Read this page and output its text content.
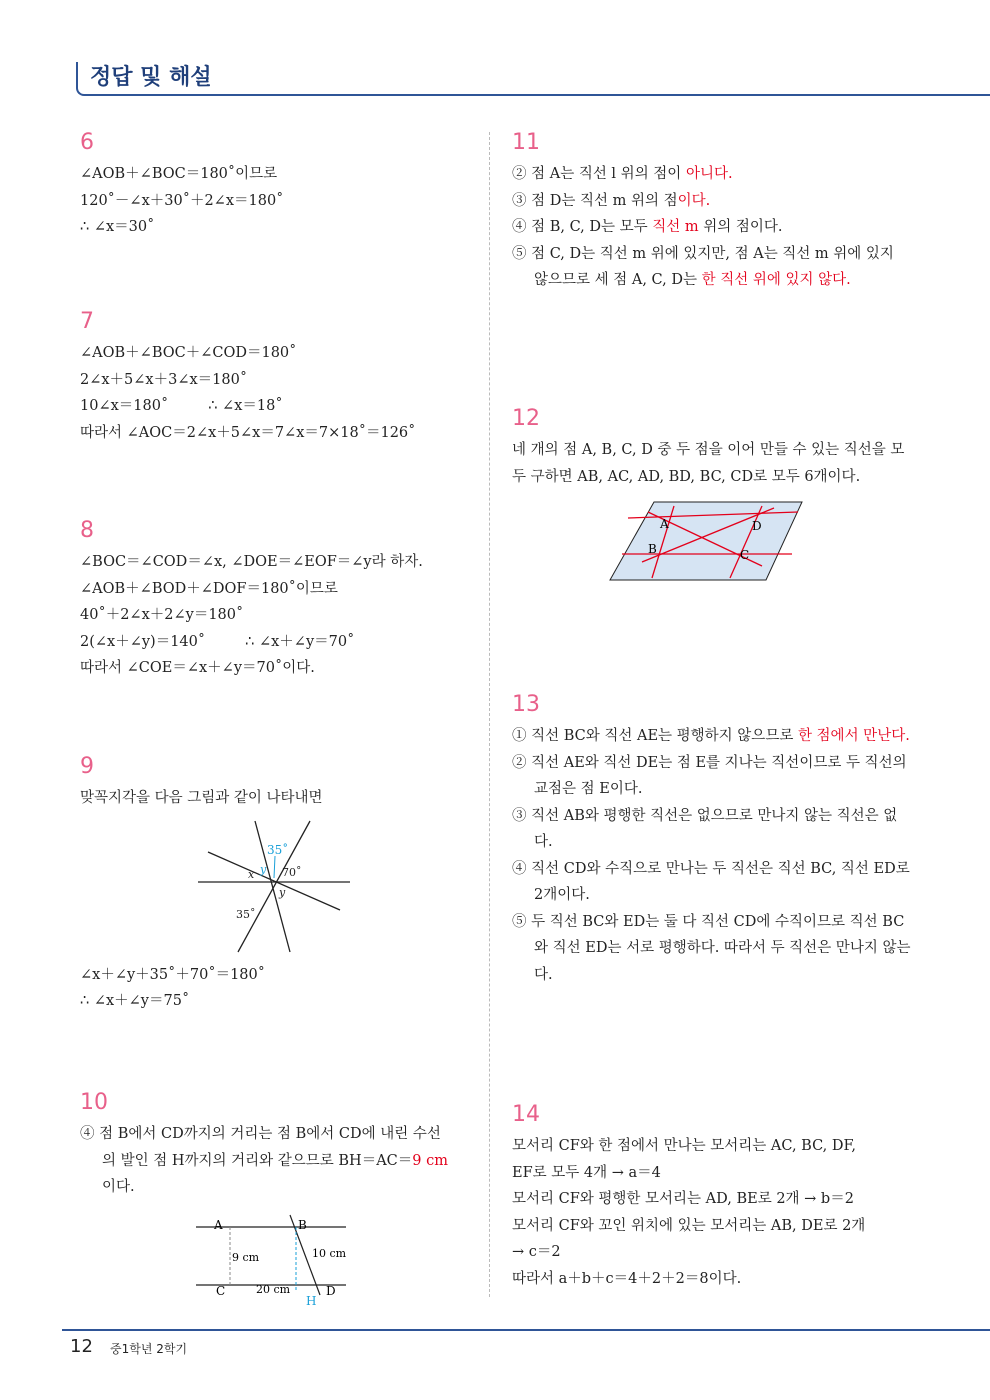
정답 및 해설
6
∠AOB＋∠BOC＝180˚이므로
120˚－∠x＋30˚＋2∠x＝180˚
∴ ∠x＝30˚
7
∠AOB＋∠BOC＋∠COD＝180˚
2∠x＋5∠x＋3∠x＝180˚
10∠x＝180˚	∴ ∠x＝18˚
따라서 ∠AOC＝2∠x＋5∠x＝7∠x＝7×18˚＝126˚
8
∠BOC＝∠COD＝∠x, ∠DOE＝∠EOF＝∠y라 하자.
∠AOB＋∠BOD＋∠DOF＝180˚이므로
40˚＋2∠x＋2∠y＝180˚
2(∠x＋∠y)＝140˚	∴ ∠x＋∠y＝70˚
따라서 ∠COE＝∠x＋∠y＝70˚이다.
9
맞꼭지각을 다음 그림과 같이 나타내면
35˚
70˚
y
x
y
35˚
∠x＋∠y＋35˚＋70˚＝180˚
∴ ∠x＋∠y＝75˚
10
④ 점 B에서 CD까지의 거리는 점 B에서 CD에 내린 수선
의 발인 점 H까지의 거리와 같으므로 BH＝AC＝9 cm
이다.
A	B
C	D
H
9 cm	10 cm
20 cm
11
② 점 A는 직선 l 위의 점이 아니다.
③ 점 D는 직선 m 위의 점이다.
④ 점 B, C, D는 모두 직선 m 위의 점이다.
⑤ 점 C, D는 직선 m 위에 있지만, 점 A는 직선 m 위에 있지 않으므로 세 점 A, C, D는 한 직선 위에 있지 않다.
12
네 개의 점 A, B, C, D 중 두 점을 이어 만들 수 있는 직선을 모두 구하면 AB, AC, AD, BD, BC, CD로 모두 6개이다.
A
B	C
D
13
① 직선 BC와 직선 AE는 평행하지 않으므로 한 점에서 만난다.
② 직선 AE와 직선 DE는 점 E를 지나는 직선이므로 두 직선의 교점은 점 E이다.
③ 직선 AB와 평행한 직선은 없으므로 만나지 않는 직선은 없다.
④ 직선 CD와 수직으로 만나는 두 직선은 직선 BC, 직선 ED로 2개이다.
⑤ 두 직선 BC와 ED는 둘 다 직선 CD에 수직이므로 직선 BC와 직선 ED는 서로 평행하다. 따라서 두 직선은 만나지 않는다.
14
모서리 CF와 한 점에서 만나는 모서리는 AC, BC, DF,
EF로 모두 4개 → a＝4
모서리 CF와 평행한 모서리는 AD, BE로 2개 → b＝2
모서리 CF와 꼬인 위치에 있는 모서리는 AB, DE로 2개
→ c＝2
따라서 a＋b＋c＝4＋2＋2＝8이다.
12 중1학년 2학기
